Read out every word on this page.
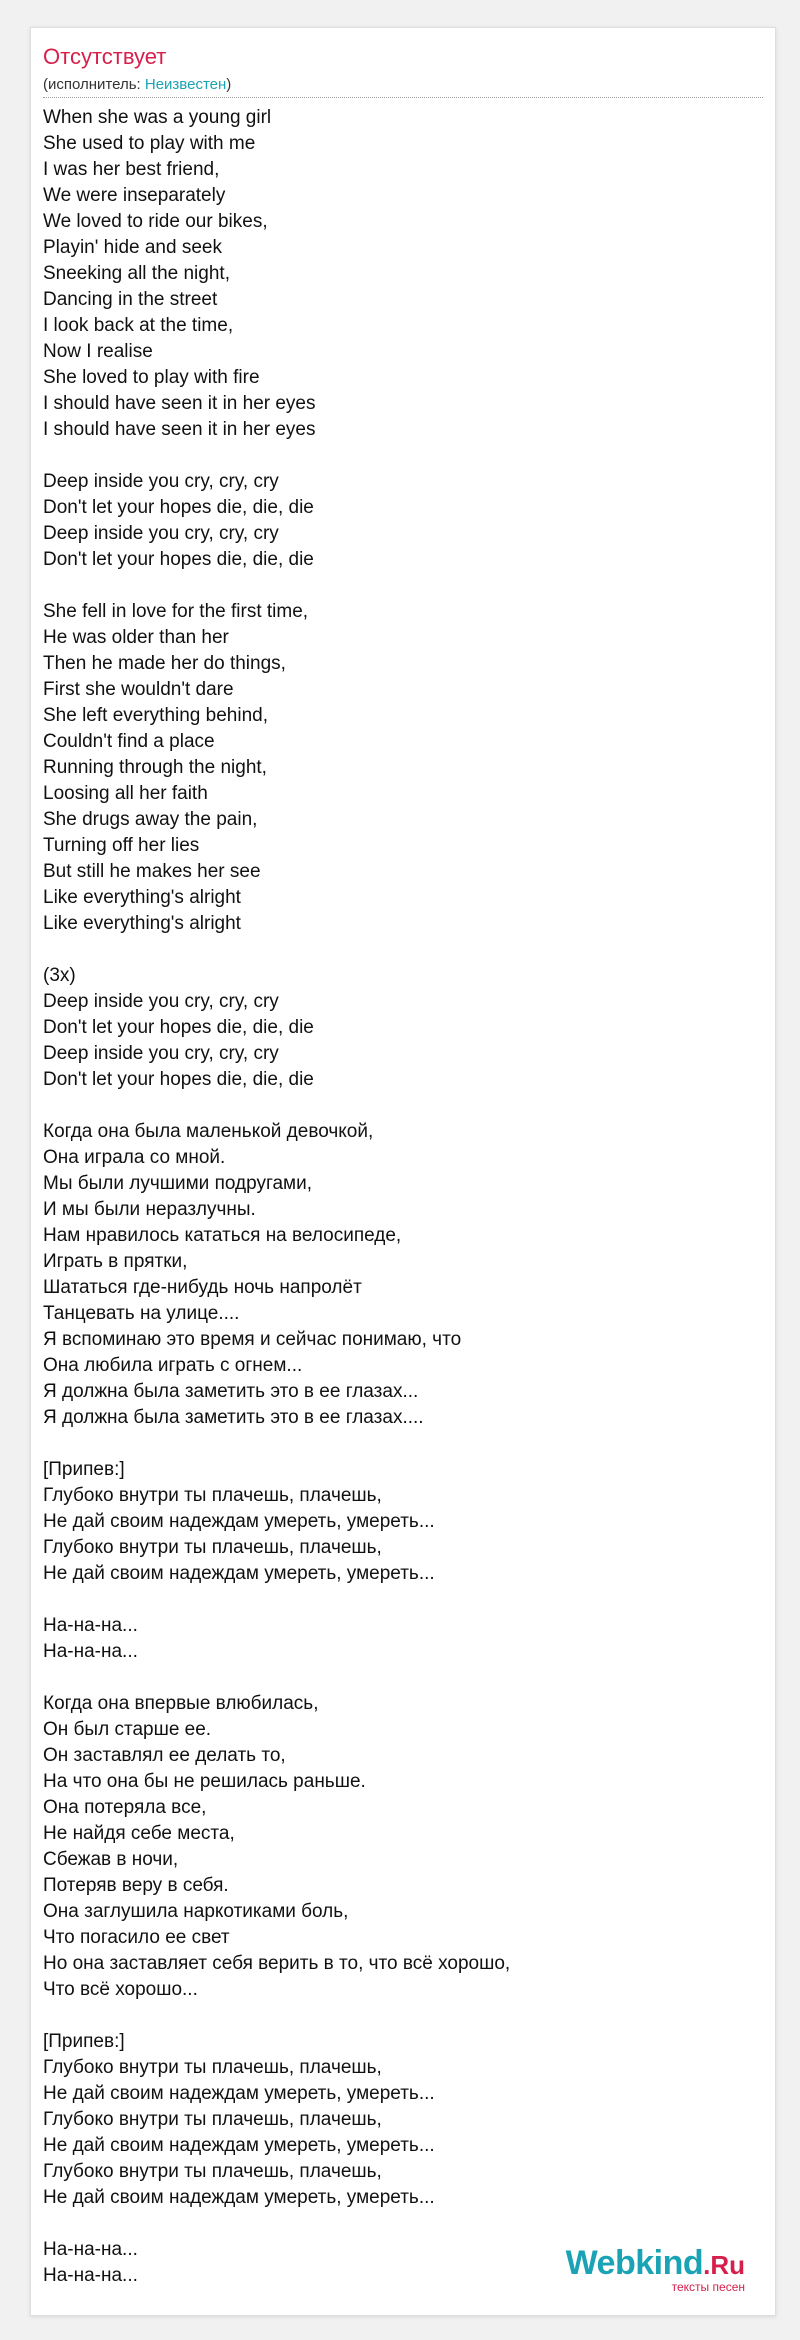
Отсутствует
(исполнитель: Неизвестен)
When she was a young girl
She used to play with me
I was her best friend,
We were inseparately
We loved to ride our bikes,
Playin' hide and seek
Sneeking all the night,
Dancing in the street
I look back at the time,
Now I realise
She loved to play with fire
I should have seen it in her eyes
I should have seen it in her eyes
Deep inside you cry, cry, cry
Don't let your hopes die, die, die
Deep inside you cry, cry, cry
Don't let your hopes die, die, die
She fell in love for the first time,
He was older than her
Then he made her do things,
First she wouldn't dare
She left everything behind,
Couldn't find a place
Running through the night,
Loosing all her faith
She drugs away the pain,
Turning off her lies
But still he makes her see
Like everything's alright
Like everything's alright
(3x)
Deep inside you cry, cry, cry
Don't let your hopes die, die, die
Deep inside you cry, cry, cry
Don't let your hopes die, die, die
Когда она была маленькой девочкой,
Она играла со мной.
Мы были лучшими подругами,
И мы были неразлучны.
Нам нравилось кататься на велосипеде,
Играть в прятки,
Шататься где-нибудь ночь напролёт
Танцевать на улице....
Я вспоминаю это время и сейчас понимаю, что
Она любила играть с огнем...
Я должна была заметить это в ее глазах...
Я должна была заметить это в ее глазах....
[Припев:]
Глубоко внутри ты плачешь, плачешь,
Не дай своим надеждам умереть, умереть...
Глубоко внутри ты плачешь, плачешь,
Не дай своим надеждам умереть, умереть...
На-на-на...
На-на-на...
Когда она впервые влюбилась,
Он был старше ее.
Он заставлял ее делать то,
На что она бы не решилась раньше.
Она потеряла все,
Не найдя себе места,
Сбежав в ночи,
Потеряв веру в себя.
Она заглушила наркотиками боль,
Что погасило ее свет
Но она заставляет себя верить в то, что всё хорошо,
Что всё хорошо...
[Припев:]
Глубоко внутри ты плачешь, плачешь,
Не дай своим надеждам умереть, умереть...
Глубоко внутри ты плачешь, плачешь,
Не дай своим надеждам умереть, умереть...
Глубоко внутри ты плачешь, плачешь,
Не дай своим надеждам умереть, умереть...
На-на-на...
На-на-на...	Webkind.Ru
тексты песен
